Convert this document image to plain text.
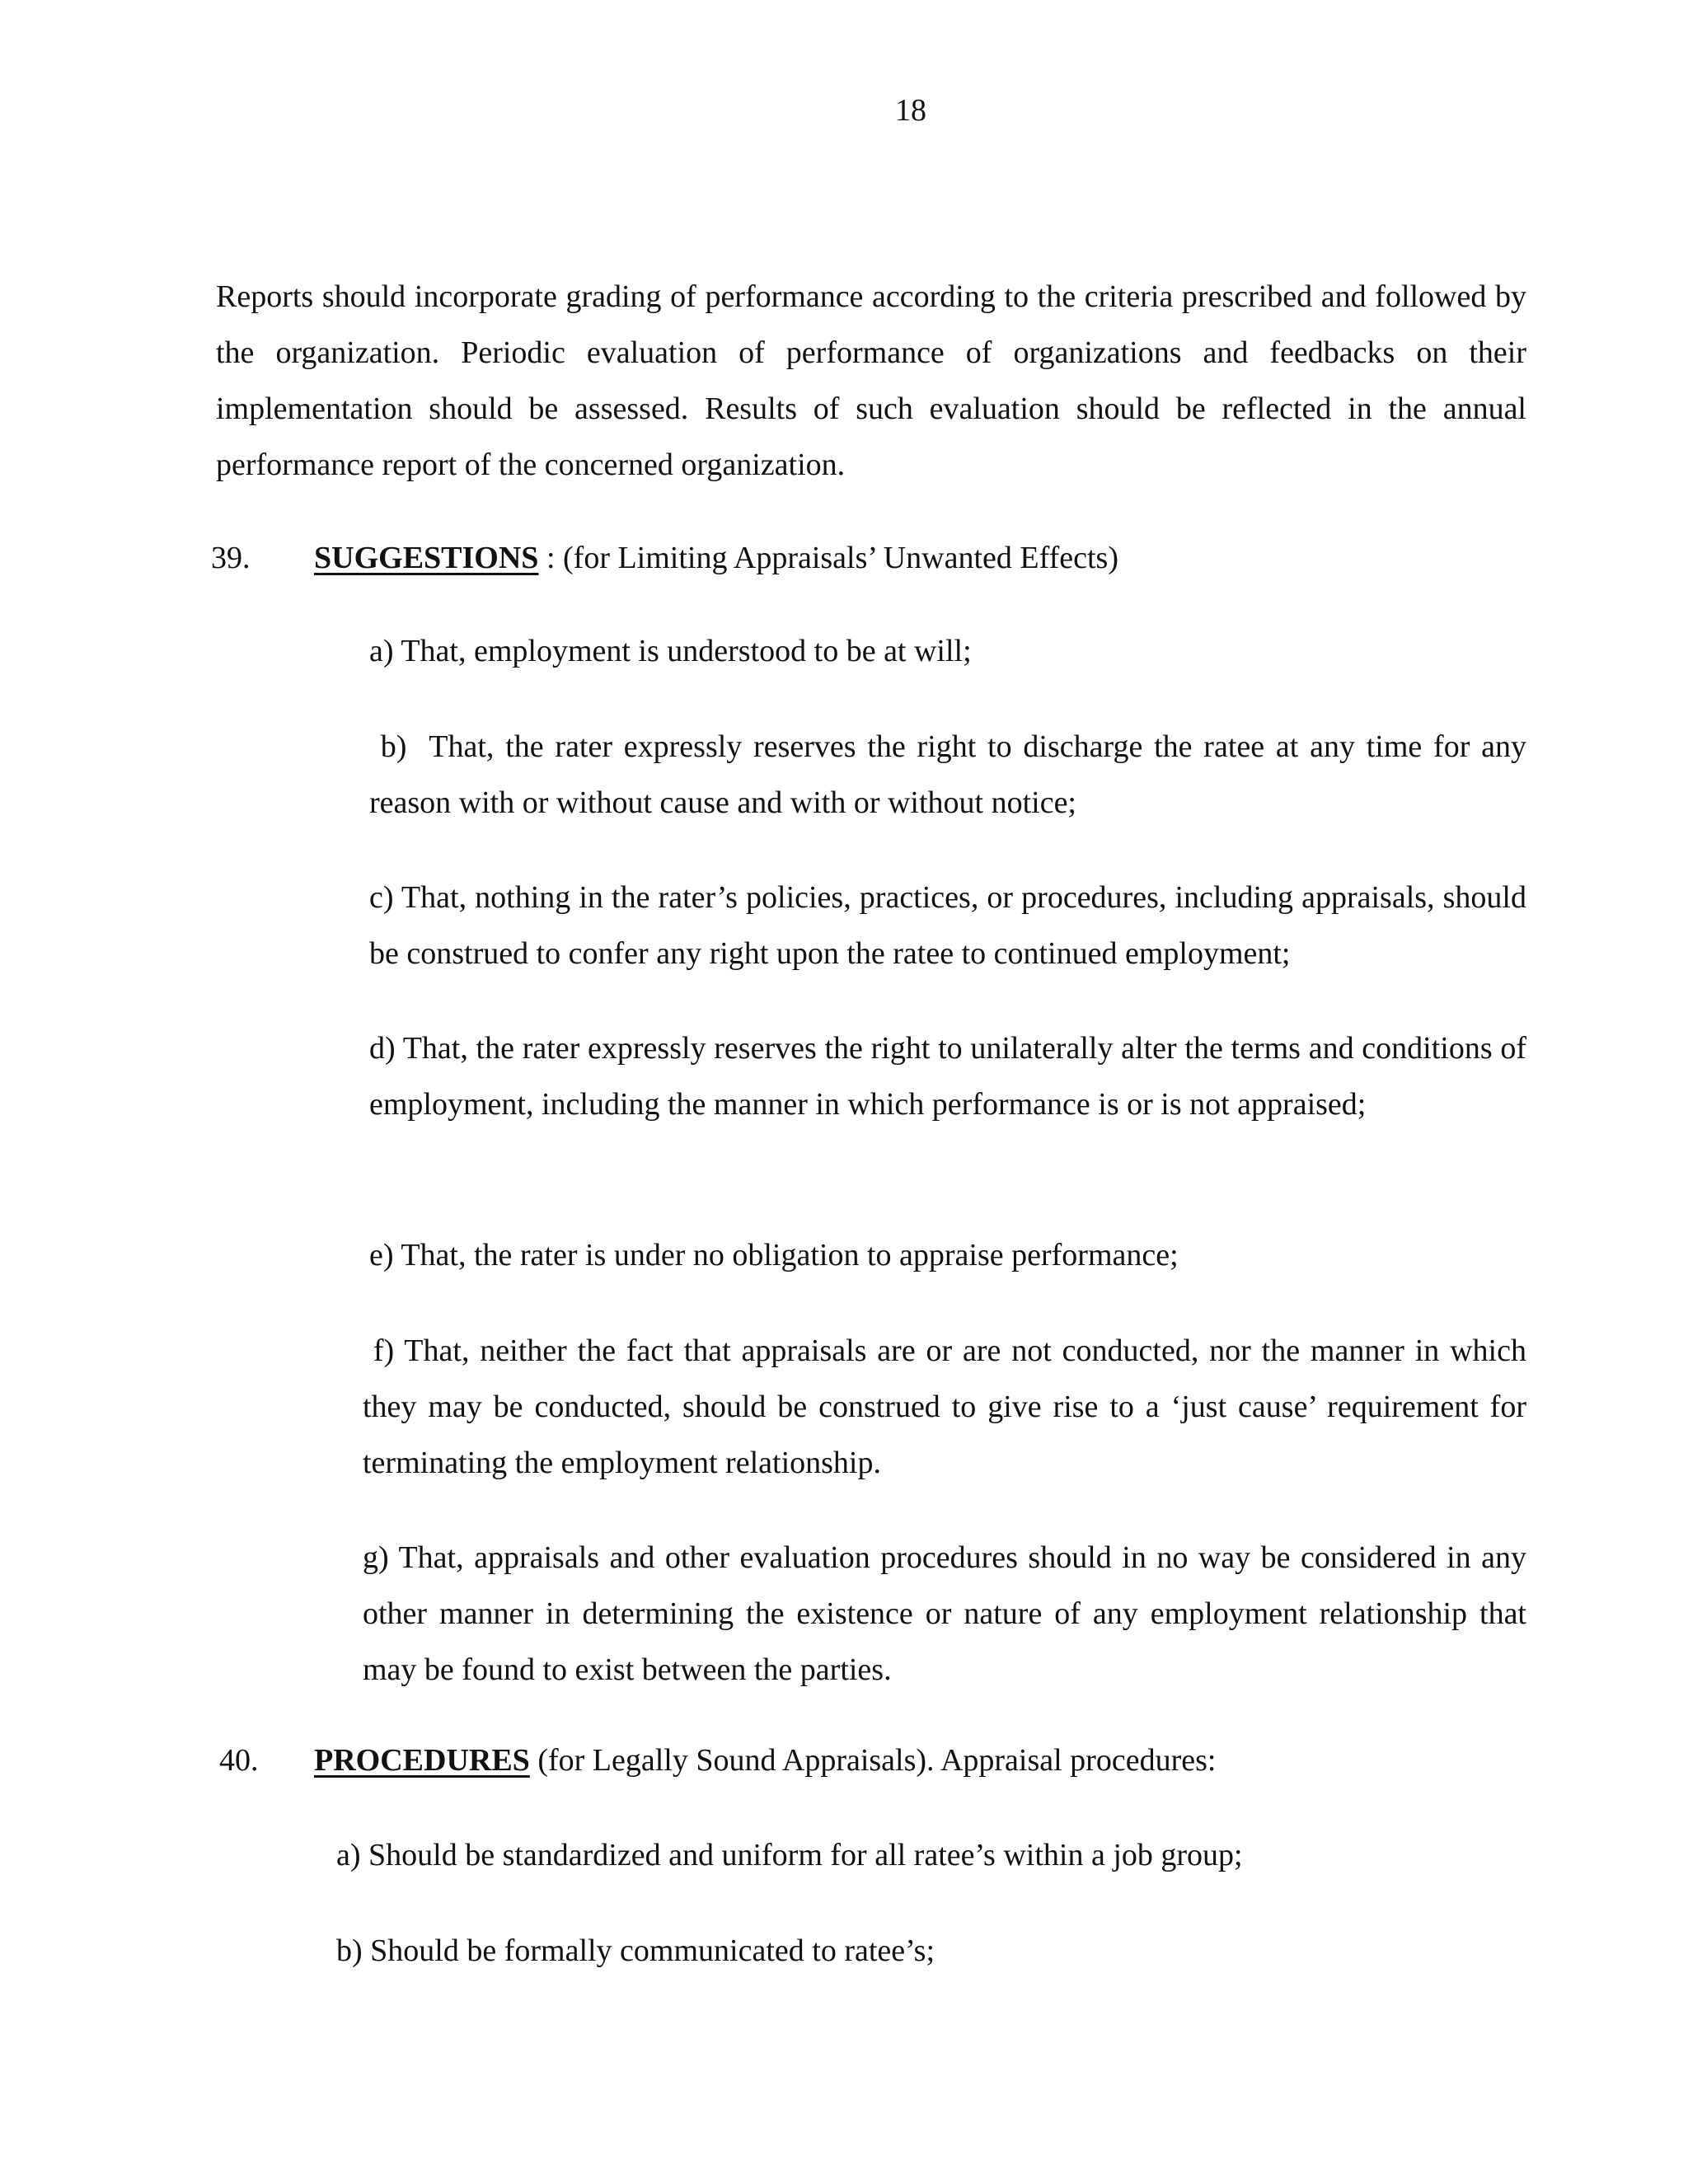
18

Reports should incorporate grading of performance according to the criteria prescribed and followed by the organization. Periodic evaluation of performance of organizations and feedbacks on their implementation should be assessed. Results of such evaluation should be reflected in the annual performance report of the concerned organization.

39. SUGGESTIONS : (for Limiting Appraisals’ Unwanted Effects)

a) That, employment is understood to be at will;

b)  That, the rater expressly reserves the right to discharge the ratee at any time for any reason with or without cause and with or without notice;

c) That, nothing in the rater’s policies, practices, or procedures, including appraisals, should be construed to confer any right upon the ratee to continued employment;

d) That, the rater expressly reserves the right to unilaterally alter the terms and conditions of employment, including the manner in which performance is or is not appraised;

e) That, the rater is under no obligation to appraise performance;

f) That, neither the fact that appraisals are or are not conducted, nor the manner in which they may be conducted, should be construed to give rise to a ‘just cause’ requirement for terminating the employment relationship.

g) That, appraisals and other evaluation procedures should in no way be considered in any other manner in determining the existence or nature of any employment relationship that may be found to exist between the parties.

40. PROCEDURES (for Legally Sound Appraisals). Appraisal procedures:

a) Should be standardized and uniform for all ratee’s within a job group;

b) Should be formally communicated to ratee’s;
